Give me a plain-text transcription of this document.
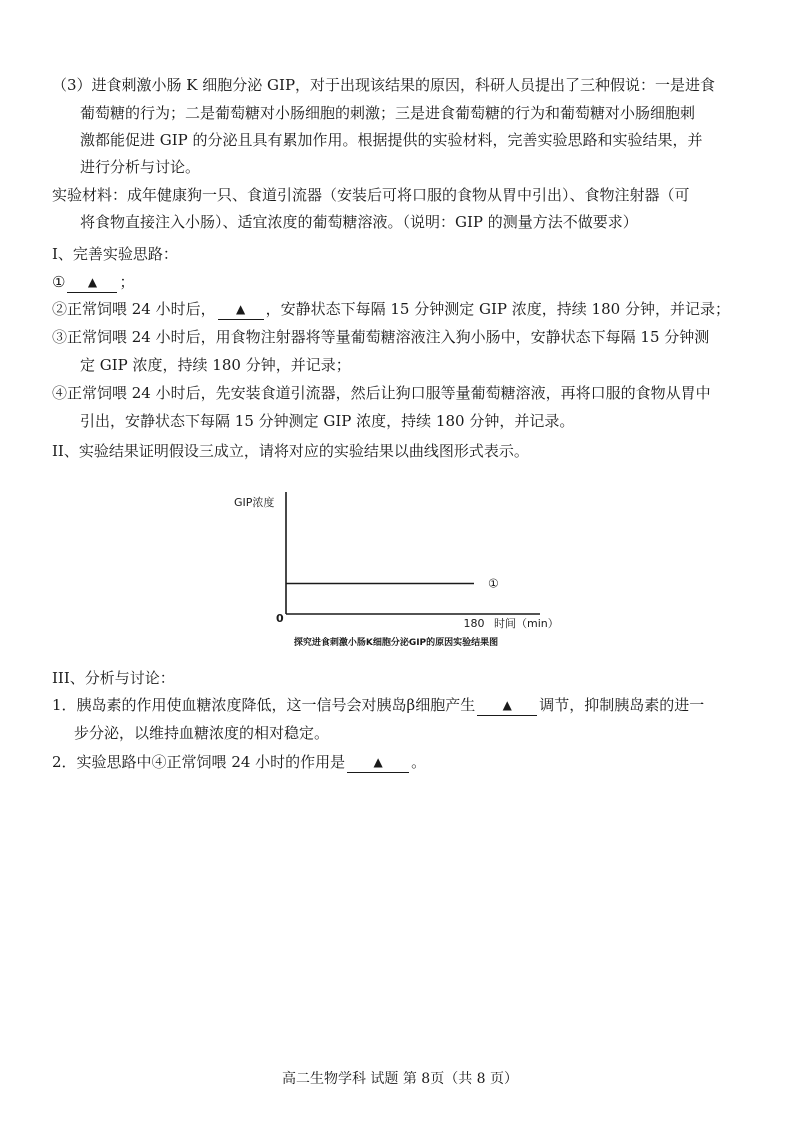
（3）进食刺激小肠 K 细胞分泌 GIP，对于出现该结果的原因，科研人员提出了三种假说：一是进食
葡萄糖的行为；二是葡萄糖对小肠细胞的刺激；三是进食葡萄糖的行为和葡萄糖对小肠细胞刺
激都能促进 GIP 的分泌且具有累加作用。根据提供的实验材料，完善实验思路和实验结果，并
进行分析与讨论。
实验材料：成年健康狗一只、食道引流器（安装后可将口服的食物从胃中引出）、食物注射器（可
将食物直接注入小肠）、适宜浓度的葡萄糖溶液。（说明：GIP 的测量方法不做要求）
I、完善实验思路：
① ▲ ；
②正常饲喂 24 小时后， ▲ ，安静状态下每隔 15 分钟测定 GIP 浓度，持续 180 分钟，并记录；
③正常饲喂 24 小时后，用食物注射器将等量葡萄糖溶液注入狗小肠中，安静状态下每隔 15 分钟测
定 GIP 浓度，持续 180 分钟，并记录；
④正常饲喂 24 小时后，先安装食道引流器，然后让狗口服等量葡萄糖溶液，再将口服的食物从胃中
引出，安静状态下每隔 15 分钟测定 GIP 浓度，持续 180 分钟，并记录。
II、实验结果证明假设三成立，请将对应的实验结果以曲线图形式表示。
GIP浓度
0	180 时间（min）
①
探究进食刺激小肠K细胞分泌GIP的原因实验结果图
III、分析与讨论：
1．胰岛素的作用使血糖浓度降低，这一信号会对胰岛β细胞产生 ▲ 调节，抑制胰岛素的进一
步分泌，以维持血糖浓度的相对稳定。
2．实验思路中④正常饲喂 24 小时的作用是 ▲ 。
高二生物学科 试题 第 8页（共 8 页）
